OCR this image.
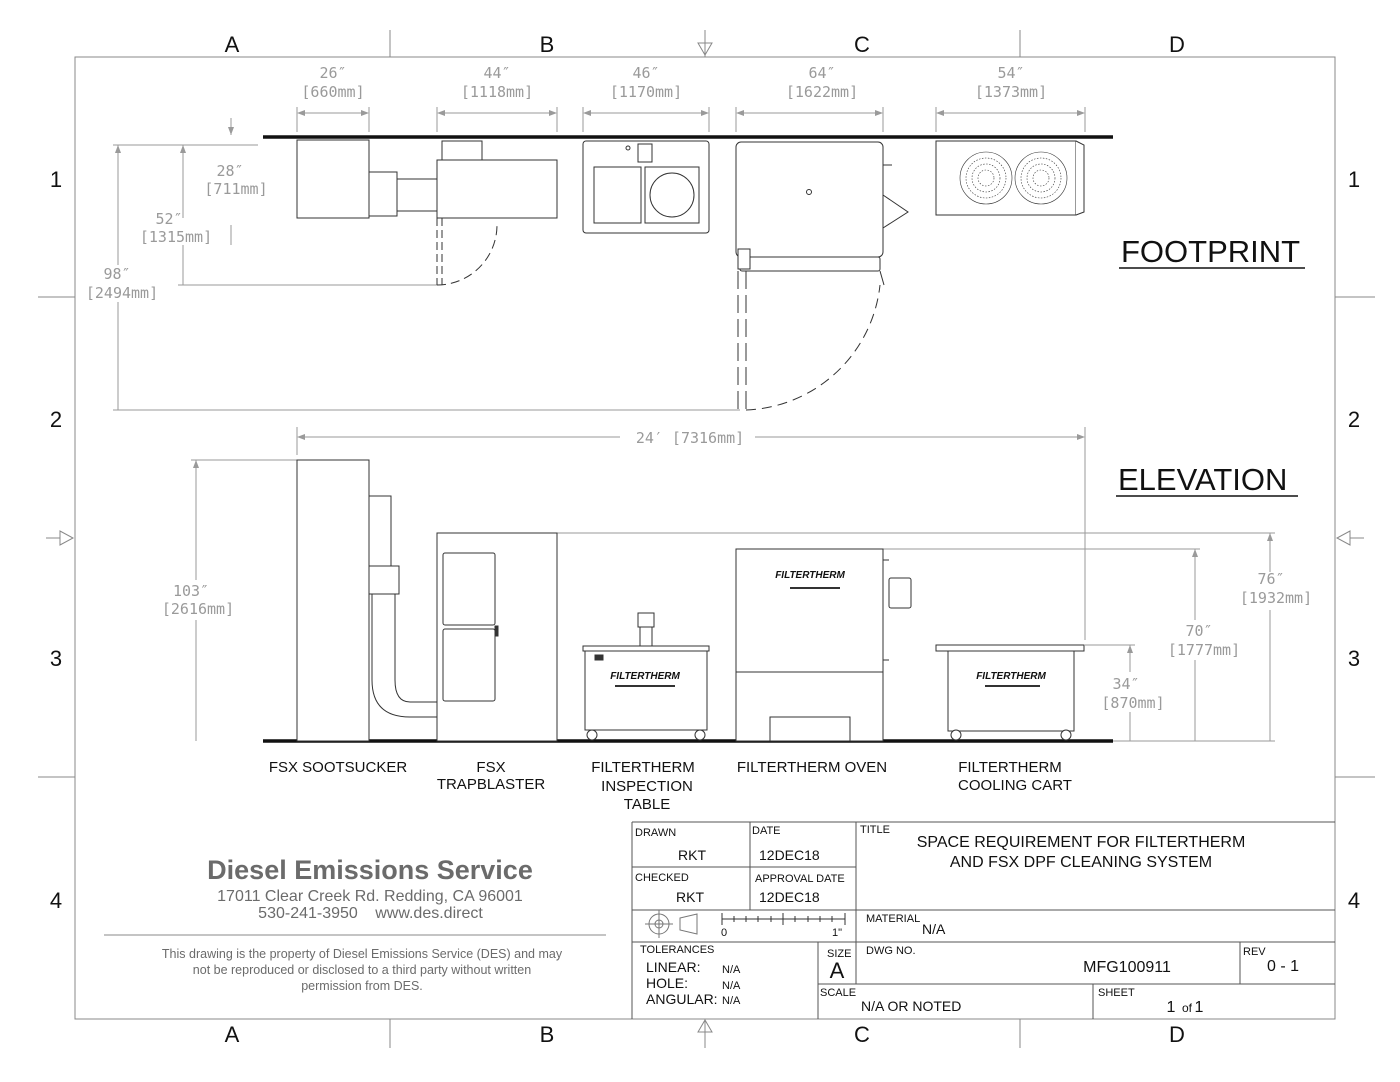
A	B	C	D
A	B	C	D
1
2
3
4
1
2
3
4
FOOTPRINT
26″
[660mm]
44″
[1118mm]
46″
[1170mm]
64″
[1622mm]
54″
[1373mm]
28″
[711mm]
52″
[1315mm]
98″
[2494mm]
ELEVATION
24′ [7316mm]
103″
[2616mm]
76″
[1932mm]
70″
[1777mm]
34″
[870mm]
FILTERTHERM
FILTERTHERM
FILTERTHERM
FSX SOOTSUCKER	FSX
TRAPBLASTER
FILTERTHERM
INSPECTION
TABLE
FILTERTHERM OVEN	FILTERTHERM
COOLING CART
Diesel Emissions Service
17011 Clear Creek Rd. Redding, CA 96001
530-241-3950 www.des.direct
This drawing is the property of Diesel Emissions Service (DES) and may
not be reproduced or disclosed to a third party without written
permission from DES.
DRAWN
RKT
DATE
12DEC18
CHECKED
RKT
APPROVAL DATE
12DEC18
TITLE
SPACE REQUIREMENT FOR FILTERTHERM
AND FSX DPF CLEANING SYSTEM
0	1"
MATERIAL
N/A
TOLERANCES
LINEAR: N/A
HOLE:	N/A
ANGULAR: N/A
SIZE
A
DWG NO.
MFG100911
REV
0 - 1
SCALE
N/A OR NOTED
SHEET
1 of 1
